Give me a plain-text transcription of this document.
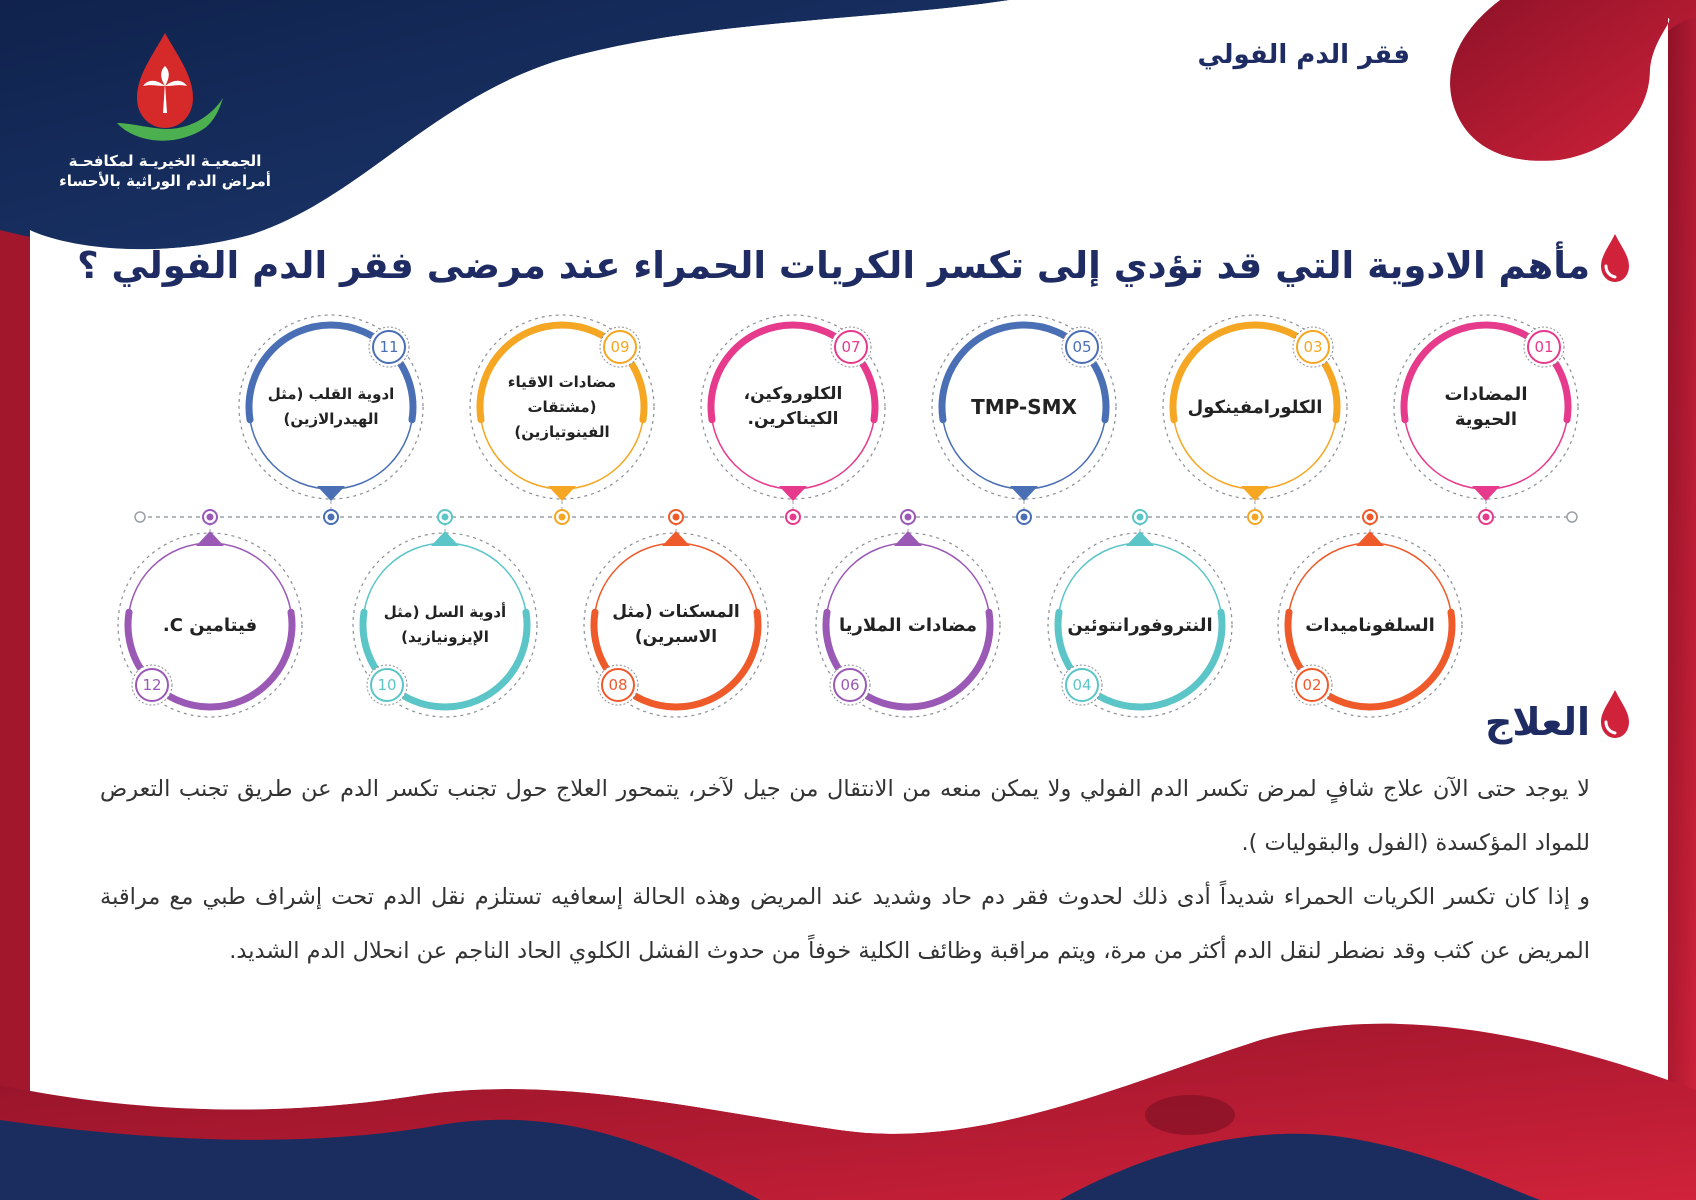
الجمعيـة الخيريـة لمكافحـة
أمراض الدم الوراثية بالأحساء
فقر الدم الفولي
مأهم الادوية التي قد تؤدي إلى تكسر الكريات الحمراء عند مرضى فقر الدم الفولي ؟
01
المضادات الحيوية
02
السلفوناميدات
03
الكلورامفينكول
04
النتروفورانتوئين
05
TMP-SMX
06
مضادات الملاريا
07
الكلوروكين، الكيناكرين.
08
المسكنات (مثل الاسبرين)
09
مضادات الاقياء (مشتقات الفينوتيازين)
10
أدوية السل (مثل الإيزونيازيد)
11
ادوية القلب (مثل الهيدرالازين)
12
فيتامين C.
العلاج
لا يوجد حتى الآن علاج شافٍ لمرض تكسر الدم الفولي ولا يمكن منعه من الانتقال من جيل لآخر، يتمحور العلاج حول تجنب تكسر الدم عن طريق تجنب التعرض للمواد المؤكسدة (الفول والبقوليات ).
و إذا كان تكسر الكريات الحمراء شديداً أدى ذلك لحدوث فقر دم حاد وشديد عند المريض وهذه الحالة إسعافيه تستلزم نقل الدم تحت إشراف طبي مع مراقبة المريض عن كثب وقد نضطر لنقل الدم أكثر من مرة، ويتم مراقبة وظائف الكلية خوفاً من حدوث الفشل الكلوي الحاد الناجم عن انحلال الدم الشديد.
